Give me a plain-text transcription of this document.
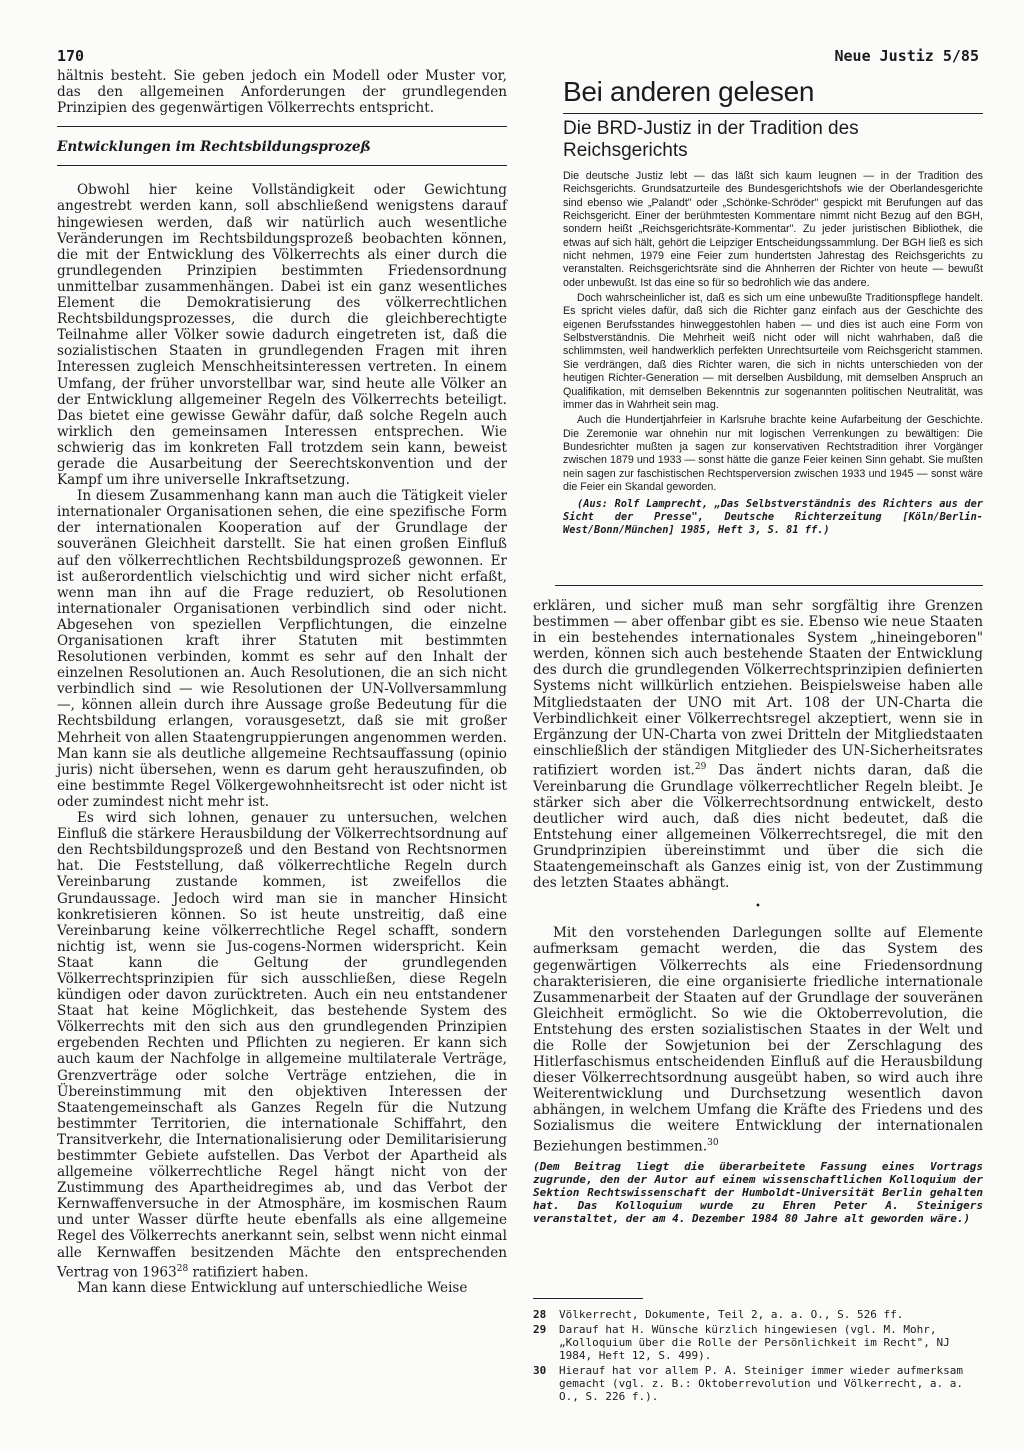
170	Neue Justiz 5/85

hältnis besteht. Sie geben jedoch ein Modell oder Muster vor, das den allgemeinen Anforderungen der grundlegenden Prinzipien des gegenwärtigen Völkerrechts entspricht.

Entwicklungen im Rechtsbildungsprozeß

Obwohl hier keine Vollständigkeit oder Gewichtung angestrebt werden kann, soll abschließend wenigstens darauf hingewiesen werden, daß wir natürlich auch wesentliche Veränderungen im Rechtsbildungsprozeß beobachten können, die mit der Entwicklung des Völkerrechts als einer durch die grundlegenden Prinzipien bestimmten Friedensordnung unmittelbar zusammenhängen. Dabei ist ein ganz wesentliches Element die Demokratisierung des völkerrechtlichen Rechtsbildungsprozesses, die durch die gleichberechtigte Teilnahme aller Völker sowie dadurch eingetreten ist, daß die sozialistischen Staaten in grundlegenden Fragen mit ihren Interessen zugleich Menschheitsinteressen vertreten. In einem Umfang, der früher unvorstellbar war, sind heute alle Völker an der Entwicklung allgemeiner Regeln des Völkerrechts beteiligt. Das bietet eine gewisse Gewähr dafür, daß solche Regeln auch wirklich den gemeinsamen Interessen entsprechen. Wie schwierig das im konkreten Fall trotzdem sein kann, beweist gerade die Ausarbeitung der Seerechtskonvention und der Kampf um ihre universelle Inkraftsetzung.

In diesem Zusammenhang kann man auch die Tätigkeit vieler internationaler Organisationen sehen, die eine spezifische Form der internationalen Kooperation auf der Grundlage der souveränen Gleichheit darstellt. Sie hat einen großen Einfluß auf den völkerrechtlichen Rechtsbildungsprozeß gewonnen. Er ist außerordentlich vielschichtig und wird sicher nicht erfaßt, wenn man ihn auf die Frage reduziert, ob Resolutionen internationaler Organisationen verbindlich sind oder nicht. Abgesehen von speziellen Verpflichtungen, die einzelne Organisationen kraft ihrer Statuten mit bestimmten Resolutionen verbinden, kommt es sehr auf den Inhalt der einzelnen Resolutionen an. Auch Resolutionen, die an sich nicht verbindlich sind — wie Resolutionen der UN-Vollversammlung —, können allein durch ihre Aussage große Bedeutung für die Rechtsbildung erlangen, vorausgesetzt, daß sie mit großer Mehrheit von allen Staatengruppierungen angenommen werden. Man kann sie als deutliche allgemeine Rechtsauffassung (opinio juris) nicht übersehen, wenn es darum geht herauszufinden, ob eine bestimmte Regel Völkergewohnheitsrecht ist oder nicht ist oder zumindest nicht mehr ist.

Es wird sich lohnen, genauer zu untersuchen, welchen Einfluß die stärkere Herausbildung der Völkerrechtsordnung auf den Rechtsbildungsprozeß und den Bestand von Rechtsnormen hat. Die Feststellung, daß völkerrechtliche Regeln durch Vereinbarung zustande kommen, ist zweifellos die Grundaussage. Jedoch wird man sie in mancher Hinsicht konkretisieren können. So ist heute unstreitig, daß eine Vereinbarung keine völkerrechtliche Regel schafft, sondern nichtig ist, wenn sie Jus-cogens-Normen widerspricht. Kein Staat kann die Geltung der grundlegenden Völkerrechtsprinzipien für sich ausschließen, diese Regeln kündigen oder davon zurücktreten. Auch ein neu entstandener Staat hat keine Möglichkeit, das bestehende System des Völkerrechts mit den sich aus den grundlegenden Prinzipien ergebenden Rechten und Pflichten zu negieren. Er kann sich auch kaum der Nachfolge in allgemeine multilaterale Verträge, Grenzverträge oder solche Verträge entziehen, die in Übereinstimmung mit den objektiven Interessen der Staatengemeinschaft als Ganzes Regeln für die Nutzung bestimmter Territorien, die internationale Schiffahrt, den Transitverkehr, die Internationalisierung oder Demilitarisierung bestimmter Gebiete aufstellen. Das Verbot der Apartheid als allgemeine völkerrechtliche Regel hängt nicht von der Zustimmung des Apartheidregimes ab, und das Verbot der Kernwaffenversuche in der Atmosphäre, im kosmischen Raum und unter Wasser dürfte heute ebenfalls als eine allgemeine Regel des Völkerrechts anerkannt sein, selbst wenn nicht einmal alle Kernwaffen besitzenden Mächte den entsprechenden Vertrag von 1963$^{28}$ ratifiziert haben.

Man kann diese Entwicklung auf unterschiedliche Weise

Bei anderen gelesen
Die BRD-Justiz in der Tradition des Reichsgerichts

Die deutsche Justiz lebt — das läßt sich kaum leugnen — in der Tradition des Reichsgerichts. Grundsatzurteile des Bundesgerichtshofs wie der Oberlandesgerichte sind ebenso wie „Palandt" oder „Schönke-Schröder" gespickt mit Berufungen auf das Reichsgericht. Einer der berühmtesten Kommentare nimmt nicht Bezug auf den BGH, sondern heißt „Reichsgerichtsräte-Kommentar". Zu jeder juristischen Bibliothek, die etwas auf sich hält, gehört die Leipziger Entscheidungssammlung. Der BGH ließ es sich nicht nehmen, 1979 eine Feier zum hundertsten Jahrestag des Reichsgerichts zu veranstalten. Reichsgerichtsräte sind die Ahnherren der Richter von heute — bewußt oder unbewußt. Ist das eine so für so bedrohlich wie das andere.

Doch wahrscheinlicher ist, daß es sich um eine unbewußte Traditionspflege handelt. Es spricht vieles dafür, daß sich die Richter ganz einfach aus der Geschichte des eigenen Berufsstandes hinweggestohlen haben — und dies ist auch eine Form von Selbstverständnis. Die Mehrheit weiß nicht oder will nicht wahrhaben, daß die schlimmsten, weil handwerklich perfekten Unrechtsurteile vom Reichsgericht stammen. Sie verdrängen, daß dies Richter waren, die sich in nichts unterschieden von der heutigen Richter-Generation — mit derselben Ausbildung, mit demselben Anspruch an Qualifikation, mit demselben Bekenntnis zur sogenannten politischen Neutralität, was immer das in Wahrheit sein mag.

Auch die Hundertjahrfeier in Karlsruhe brachte keine Aufarbeitung der Geschichte. Die Zeremonie war ohnehin nur mit logischen Verrenkungen zu bewältigen: Die Bundesrichter mußten ja sagen zur konservativen Rechtstradition ihrer Vorgänger zwischen 1879 und 1933 — sonst hätte die ganze Feier keinen Sinn gehabt. Sie mußten nein sagen zur faschistischen Rechtsperversion zwischen 1933 und 1945 — sonst wäre die Feier ein Skandal geworden.

(Aus: Rolf Lamprecht, „Das Selbstverständnis des Richters aus der Sicht der Presse", Deutsche Richterzeitung [Köln/Berlin-West/Bonn/München] 1985, Heft 3, S. 81 ff.)

erklären, und sicher muß man sehr sorgfältig ihre Grenzen bestimmen — aber offenbar gibt es sie. Ebenso wie neue Staaten in ein bestehendes internationales System „hineingeboren" werden, können sich auch bestehende Staaten der Entwicklung des durch die grundlegenden Völkerrechtsprinzipien definierten Systems nicht willkürlich entziehen. Beispielsweise haben alle Mitgliedstaaten der UNO mit Art. 108 der UN-Charta die Verbindlichkeit einer Völkerrechtsregel akzeptiert, wenn sie in Ergänzung der UN-Charta von zwei Dritteln der Mitgliedstaaten einschließlich der ständigen Mitglieder des UN-Sicherheitsrates ratifiziert worden ist.$^{29}$ Das ändert nichts daran, daß die Vereinbarung die Grundlage völkerrechtlicher Regeln bleibt. Je stärker sich aber die Völkerrechtsordnung entwickelt, desto deutlicher wird auch, daß dies nicht bedeutet, daß die Entstehung einer allgemeinen Völkerrechtsregel, die mit den Grundprinzipien übereinstimmt und über die sich die Staatengemeinschaft als Ganzes einig ist, von der Zustimmung des letzten Staates abhängt.

•

Mit den vorstehenden Darlegungen sollte auf Elemente aufmerksam gemacht werden, die das System des gegenwärtigen Völkerrechts als eine Friedensordnung charakterisieren, die eine organisierte friedliche internationale Zusammenarbeit der Staaten auf der Grundlage der souveränen Gleichheit ermöglicht. So wie die Oktoberrevolution, die Entstehung des ersten sozialistischen Staates in der Welt und die Rolle der Sowjetunion bei der Zerschlagung des Hitlerfaschismus entscheidenden Einfluß auf die Herausbildung dieser Völkerrechtsordnung ausgeübt haben, so wird auch ihre Weiterentwicklung und Durchsetzung wesentlich davon abhängen, in welchem Umfang die Kräfte des Friedens und des Sozialismus die weitere Entwicklung der internationalen Beziehungen bestimmen.$^{30}$

(Dem Beitrag liegt die überarbeitete Fassung eines Vortrags zugrunde, den der Autor auf einem wissenschaftlichen Kolloquium der Sektion Rechtswissenschaft der Humboldt-Universität Berlin gehalten hat. Das Kolloquium wurde zu Ehren Peter A. Steinigers veranstaltet, der am 4. Dezember 1984 80 Jahre alt geworden wäre.)

28	Völkerrecht, Dokumente, Teil 2, a. a. O., S. 526 ff.
29	Darauf hat H. Wünsche kürzlich hingewiesen (vgl. M. Mohr, „Kolloquium über die Rolle der Persönlichkeit im Recht", NJ 1984, Heft 12, S. 499).
30	Hierauf hat vor allem P. A. Steiniger immer wieder aufmerksam gemacht (vgl. z. B.: Oktoberrevolution und Völkerrecht, a. a. O., S. 226 f.).
